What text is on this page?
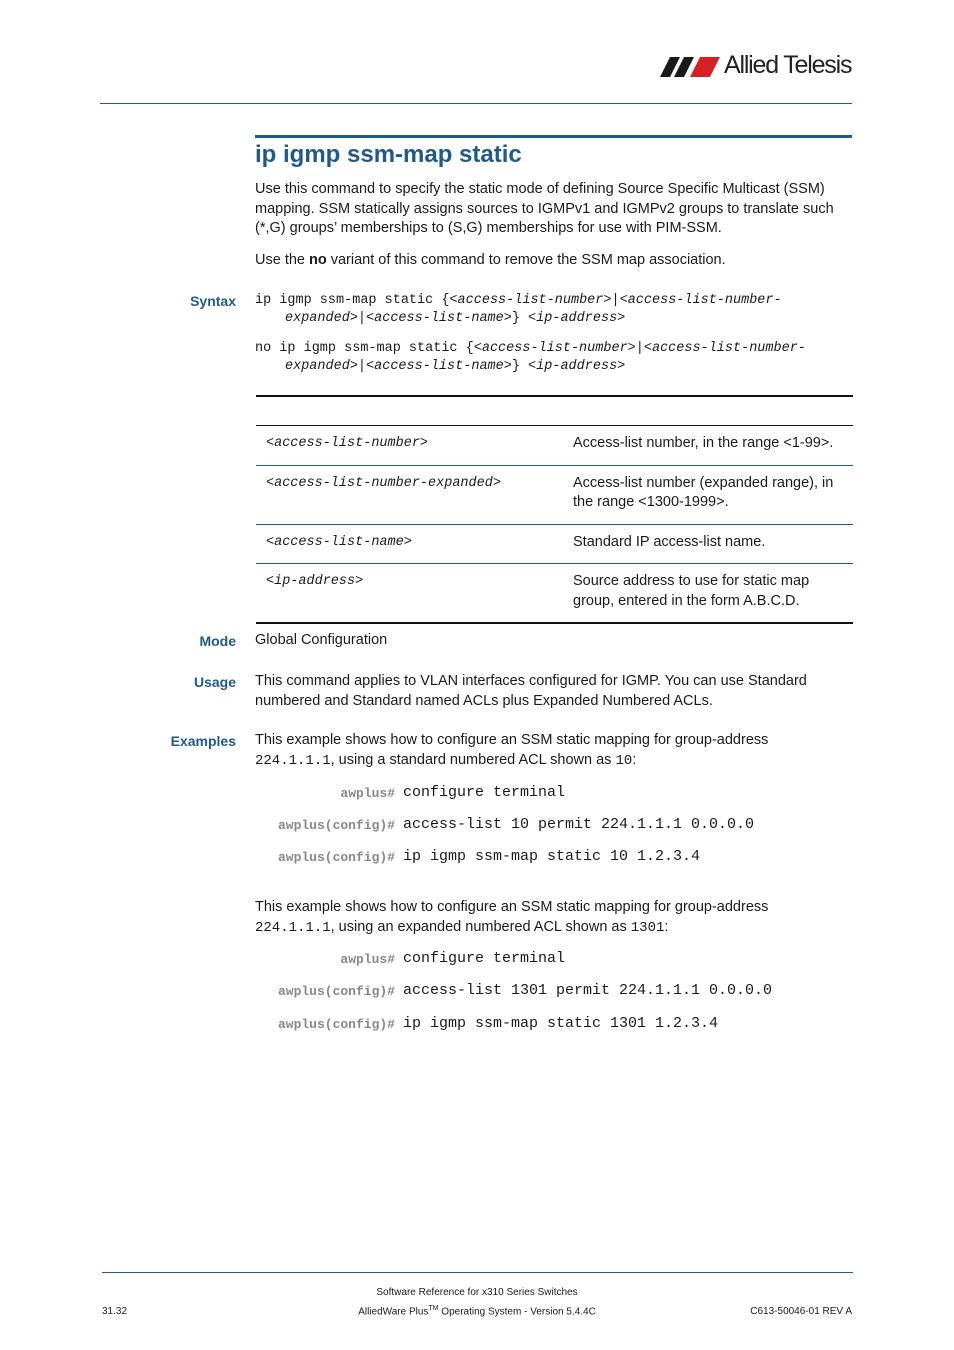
Allied Telesis
ip igmp ssm-map static
Use this command to specify the static mode of defining Source Specific Multicast (SSM) mapping. SSM statically assigns sources to IGMPv1 and IGMPv2 groups to translate such (*,G) groups’ memberships to (S,G) memberships for use with PIM-SSM.
Use the no variant of this command to remove the SSM map association.
Syntax ip igmp ssm-map static {<access-list-number>|<access-list-number-
expanded>|<access-list-name>} <ip-address>
no ip igmp ssm-map static {<access-list-number>|<access-list-number-
expanded>|<access-list-name>} <ip-address>

<access-list-number>	Access-list number, in the range <1-99>.
<access-list-number-expanded>	Access-list number (expanded range), in the range <1300-1999>.
<access-list-name>	Standard IP access-list name.
<ip-address>	Source address to use for static map group, entered in the form A.B.C.D.
Mode Global Configuration
Usage This command applies to VLAN interfaces configured for IGMP. You can use Standard numbered and Standard named ACLs plus Expanded Numbered ACLs.
Examples This example shows how to configure an SSM static mapping for group-address 224.1.1.1, using a standard numbered ACL shown as 10:
awplus# configure terminal
awplus(config)# access-list 10 permit 224.1.1.1 0.0.0.0
awplus(config)# ip igmp ssm-map static 10 1.2.3.4
This example shows how to configure an SSM static mapping for group-address 224.1.1.1, using an expanded numbered ACL shown as 1301:
awplus# configure terminal
awplus(config)# access-list 1301 permit 224.1.1.1 0.0.0.0
awplus(config)# ip igmp ssm-map static 1301 1.2.3.4
Software Reference for x310 Series Switches
AlliedWare Plus™ Operating System - Version 5.4.4C
31.32	C613-50046-01 REV A
